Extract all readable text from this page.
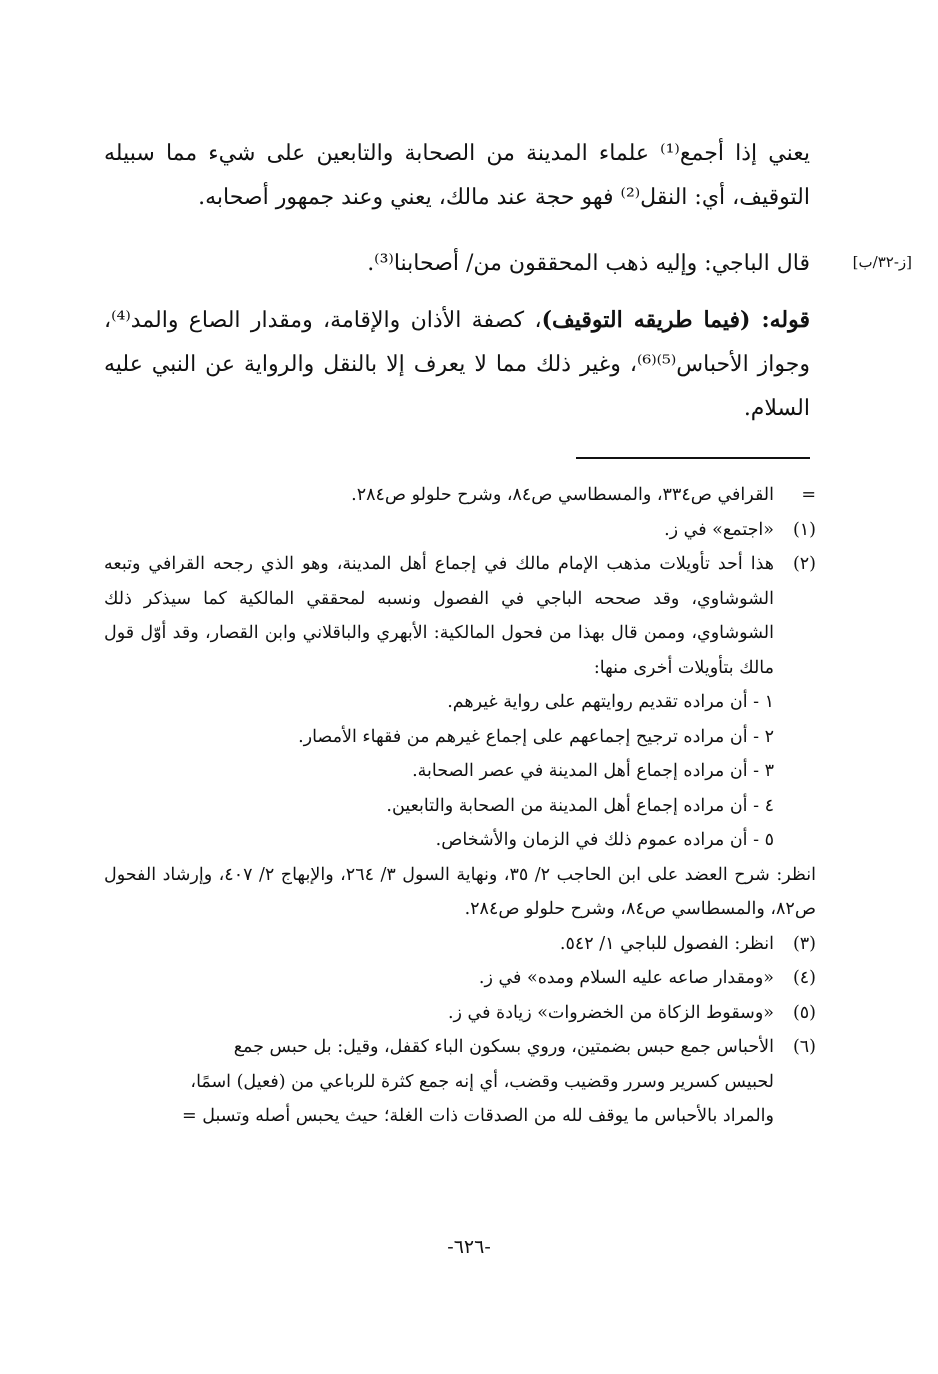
يعني إذا أجمع⁽¹⁾ علماء المدينة من الصحابة والتابعين على شيء مما سبيله التوقيف، أي: النقل⁽²⁾ فهو حجة عند مالك، يعني وعند جمهور أصحابه.

[ز-٣٢/ب]

قال الباجي: وإليه ذهب المحققون من/ أصحابنا⁽³⁾.

قوله: (فيما طريقه التوقيف)، كصفة الأذان والإقامة، ومقدار الصاع والمد⁽⁴⁾، وجواز الأحباس⁽⁵⁾⁽⁶⁾، وغير ذلك مما لا يعرف إلا بالنقل والرواية عن النبي عليه السلام.

=
القرافي ص٣٣٤، والمسطاسي ص٨٤، وشرح حلولو ص٢٨٤.
(١)
«اجتمع» في ز.
(٢)
هذا أحد تأويلات مذهب الإمام مالك في إجماع أهل المدينة، وهو الذي رجحه القرافي وتبعه الشوشاوي، وقد صححه الباجي في الفصول ونسبه لمحققي المالكية كما سيذكر ذلك الشوشاوي، وممن قال بهذا من فحول المالكية: الأبهري والباقلاني وابن القصار، وقد أوّل قول مالك بتأويلات أخرى منها:
١ - أن مراده تقديم روايتهم على رواية غيرهم.
٢ - أن مراده ترجيح إجماعهم على إجماع غيرهم من فقهاء الأمصار.
٣ - أن مراده إجماع أهل المدينة في عصر الصحابة.
٤ - أن مراده إجماع أهل المدينة من الصحابة والتابعين.
٥ - أن مراده عموم ذلك في الزمان والأشخاص.
انظر: شرح العضد على ابن الحاجب ٢/ ٣٥، ونهاية السول ٣/ ٢٦٤، والإبهاج ٢/ ٤٠٧، وإرشاد الفحول ص٨٢، والمسطاسي ص٨٤، وشرح حلولو ص٢٨٤.
(٣)
انظر: الفصول للباجي ١/ ٥٤٢.
(٤)
«ومقدار صاعه عليه السلام ومده» في ز.
(٥)
«وسقوط الزكاة من الخضروات» زيادة في ز.
(٦)
الأحباس جمع حبس بضمتين، وروي بسكون الباء كقفل، وقيل: بل حبس جمع
لحبيس كسرير وسرر وقضيب وقضب، أي إنه جمع كثرة للرباعي من (فعيل) اسمًا،
والمراد بالأحباس ما يوقف لله من الصدقات ذات الغلة؛ حيث يحبس أصله وتسبل =
-٦٢٦-
